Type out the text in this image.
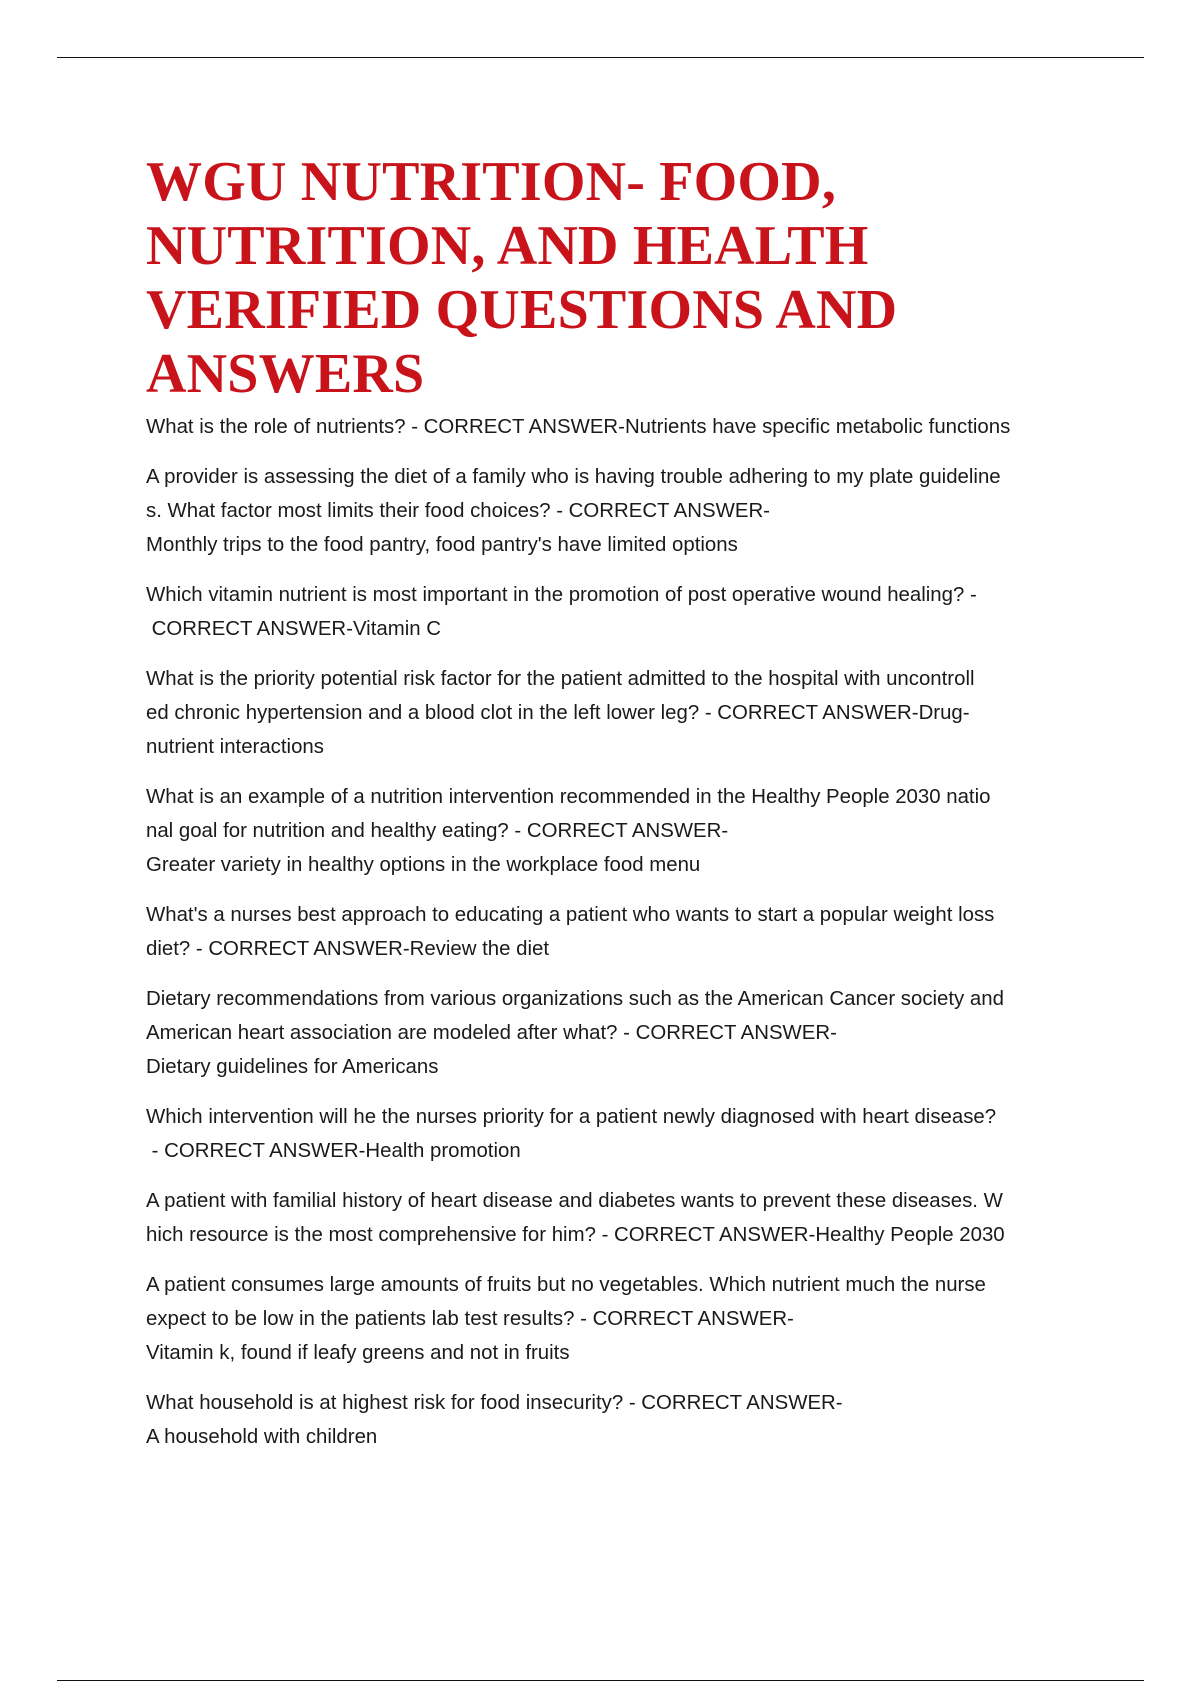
WGU NUTRITION- FOOD, NUTRITION, AND HEALTH VERIFIED QUESTIONS AND ANSWERS

What is the role of nutrients? - CORRECT ANSWER-Nutrients have specific metabolic functions

A provider is assessing the diet of a family who is having trouble adhering to my plate guideline
s. What factor most limits their food choices? - CORRECT ANSWER-
Monthly trips to the food pantry, food pantry's have limited options

Which vitamin nutrient is most important in the promotion of post operative wound healing? -
CORRECT ANSWER-Vitamin C

What is the priority potential risk factor for the patient admitted to the hospital with uncontroll
ed chronic hypertension and a blood clot in the left lower leg? - CORRECT ANSWER-Drug-
nutrient interactions

What is an example of a nutrition intervention recommended in the Healthy People 2030 natio
nal goal for nutrition and healthy eating? - CORRECT ANSWER-
Greater variety in healthy options in the workplace food menu

What's a nurses best approach to educating a patient who wants to start a popular weight loss
diet? - CORRECT ANSWER-Review the diet

Dietary recommendations from various organizations such as the American Cancer society and
American heart association are modeled after what? - CORRECT ANSWER-
Dietary guidelines for Americans

Which intervention will he the nurses priority for a patient newly diagnosed with heart disease?
- CORRECT ANSWER-Health promotion

A patient with familial history of heart disease and diabetes wants to prevent these diseases. W
hich resource is the most comprehensive for him? - CORRECT ANSWER-Healthy People 2030

A patient consumes large amounts of fruits but no vegetables. Which nutrient much the nurse
expect to be low in the patients lab test results? - CORRECT ANSWER-
Vitamin k, found if leafy greens and not in fruits

What household is at highest risk for food insecurity? - CORRECT ANSWER-
A household with children
